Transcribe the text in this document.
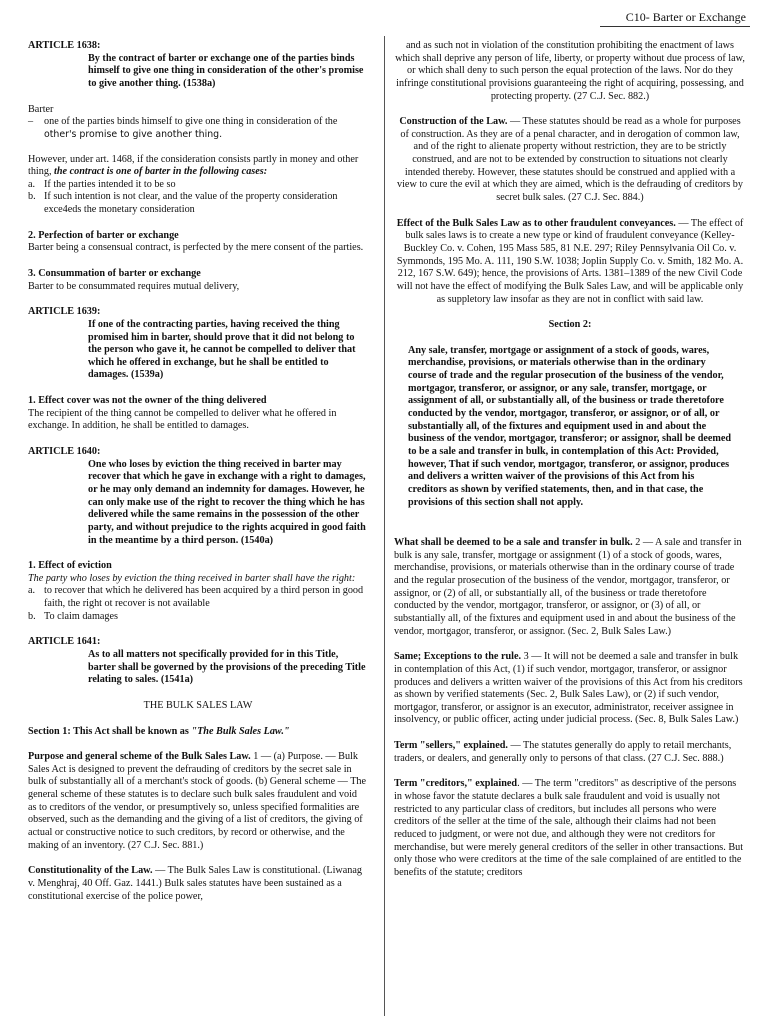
C10- Barter or Exchange

ARTICLE 1638:

By the contract of barter or exchange one of the parties binds himself to give one thing in consideration of the other's promise to give another thing. (1538a)

Barter

– one of the parties binds himself to give one thing in consideration of the

other's promise to give another thing.

However, under art. 1468, if the consideration consists partly in money and other thing, the contract is one of barter in the following cases:

a. If the parties intended it to be so

b. If such intention is not clear, and the value of the property consideration exce4eds the monetary consideration

2. Perfection of barter or exchange

Barter being a consensual contract, is perfected by the mere consent of the parties.

3. Consummation of barter or exchange

Barter to be consummated requires mutual delivery,

ARTICLE 1639:

If one of the contracting parties, having received the thing promised him in barter, should prove that it did not belong to the person who gave it, he cannot be compelled to deliver that which he offered in exchange, but he shall be entitled to damages. (1539a)

1. Effect cover was not the owner of the thing delivered

The recipient of the thing cannot be compelled to deliver what he offered in exchange. In addition, he shall be entitled to damages.

ARTICLE 1640:

One who loses by eviction the thing received in barter may recover that which he gave in exchange with a right to damages, or he may only demand an indemnity for damages. However, he can only make use of the right to recover the thing which he has delivered while the same remains in the possession of the other party, and without prejudice to the rights acquired in good faith in the meantime by a third person. (1540a)

1. Effect of eviction

The party who loses by eviction the thing received in barter shall have the right:

a. to recover that which he delivered has been acquired by a third person in good faith, the right ot recover is not available

b. To claim damages

ARTICLE 1641:

As to all matters not specifically provided for in this Title, barter shall be governed by the provisions of the preceding Title relating to sales. (1541a)

THE BULK SALES LAW

Section 1: This Act shall be known as "The Bulk Sales Law."

Purpose and general scheme of the Bulk Sales Law. 1 — (a) Purpose. — Bulk Sales Act is designed to prevent the defrauding of creditors by the secret sale in bulk of substantially all of a merchant's stock of goods. (b) General scheme — The general scheme of these statutes is to declare such bulk sales fraudulent and void as to creditors of the vendor, or presumptively so, unless specified formalities are observed, such as the demanding and the giving of a list of creditors, the giving of actual or constructive notice to such creditors, by record or otherwise, and the making of an inventory. (27 C.J. Sec. 881.)

Constitutionality of the Law. — The Bulk Sales Law is constitutional. (Liwanag v. Menghraj, 40 Off. Gaz. 1441.) Bulk sales statutes have been sustained as a constitutional exercise of the police power,

and as such not in violation of the constitution prohibiting the enactment of laws which shall deprive any person of life, liberty, or property without due process of law, or which shall deny to such person the equal protection of the laws. Nor do they infringe constitutional provisions guaranteeing the right of acquiring, possessing, and protecting property. (27 C.J. Sec. 882.)

Construction of the Law. — These statutes should be read as a whole for purposes of construction. As they are of a penal character, and in derogation of common law, and of the right to alienate property without restriction, they are to be strictly construed, and are not to be extended by construction to situations not clearly intended thereby. However, these statutes should be construed and applied with a view to cure the evil at which they are aimed, which is the defrauding of creditors by secret bulk sales. (27 C.J. Sec. 884.)

Effect of the Bulk Sales Law as to other fraudulent conveyances. — The effect of bulk sales laws is to create a new type or kind of fraudulent conveyance (Kelley-Buckley Co. v. Cohen, 195 Mass 585, 81 N.E. 297; Riley Pennsylvania Oil Co. v. Symmonds, 195 Mo. A. 111, 190 S.W. 1038; Joplin Supply Co. v. Smith, 182 Mo. A. 212, 167 S.W. 649); hence, the provisions of Arts. 1381–1389 of the new Civil Code will not have the effect of modifying the Bulk Sales Law, and will be applicable only as suppletory law insofar as they are not in conflict with said law.

Section 2:

Any sale, transfer, mortgage or assignment of a stock of goods, wares, merchandise, provisions, or materials otherwise than in the ordinary course of trade and the regular prosecution of the business of the vendor, mortgagor, transferor, or assignor, or any sale, transfer, mortgage, or assignment of all, or substantially all, of the business or trade theretofore conducted by the vendor, mortgagor, transferor, or assignor, or of all, or substantially all, of the fixtures and equipment used in and about the business of the vendor, mortgagor, transferor; or assignor, shall be deemed to be a sale and transfer in bulk, in contemplation of this Act: Provided, however, That if such vendor, mortgagor, transferor, or assignor, produces and delivers a written waiver of the provisions of this Act from his creditors as shown by verified statements, then, and in that case, the provisions of this section shall not apply.

What shall be deemed to be a sale and transfer in bulk. 2 — A sale and transfer in bulk is any sale, transfer, mortgage or assignment (1) of a stock of goods, wares, merchandise, provisions, or materials otherwise than in the ordinary course of trade and the regular prosecution of the business of the vendor, mortgagor, transferor, or assignor, or (2) of all, or substantially all, of the business or trade theretofore conducted by the vendor, mortgagor, transferor, or assignor, or (3) of all, or substantially all, of the fixtures and equipment used in and about the business of the vendor, mortgagor, transferor, or assignor. (Sec. 2, Bulk Sales Law.)

Same; Exceptions to the rule. 3 — It will not be deemed a sale and transfer in bulk in contemplation of this Act, (1) if such vendor, mortgagor, transferor, or assignor produces and delivers a written waiver of the provisions of this Act from his creditors as shown by verified statements (Sec. 2, Bulk Sales Law), or (2) if such vendor, mortgagor, transferor, or assignor is an executor, administrator, receiver assignee in insolvency, or public officer, acting under judicial process. (Sec. 8, Bulk Sales Law.)

Term "sellers," explained. — The statutes generally do apply to retail merchants, traders, or dealers, and generally only to persons of that class. (27 C.J. Sec. 888.)

Term "creditors," explained. — The term "creditors" as descriptive of the persons in whose favor the statute declares a bulk sale fraudulent and void is usually not restricted to any particular class of creditors, but includes all persons who were creditors of the seller at the time of the sale, although their claims had not been reduced to judgment, or were not due, and although they were not creditors for merchandise, but were merely general creditors of the seller in other transactions. But only those who were creditors at the time of the sale complained of are entitled to the benefits of the statute; creditors
